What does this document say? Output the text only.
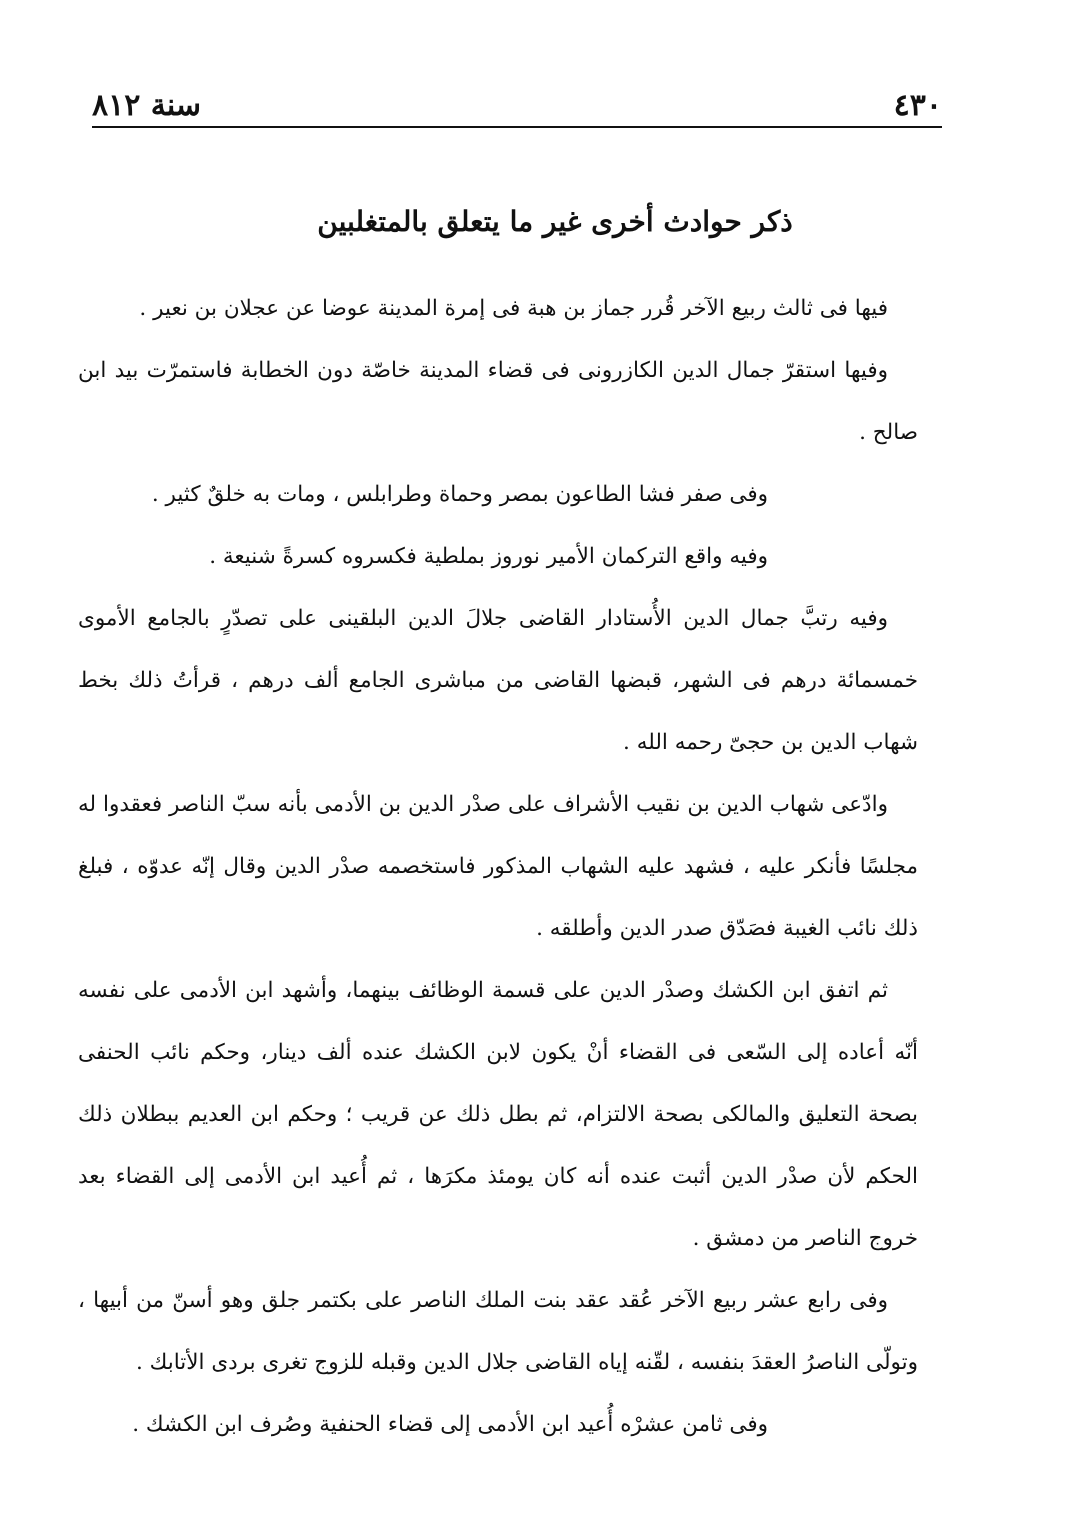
٤٣٠
سنة ٨١٢
ذكر حوادث أخرى غير ما يتعلق بالمتغلبين

فيها فى ثالث ربيع الآخر قُرر جماز بن هبة فى إمرة المدينة عوضا عن عجلان بن نعير .

وفيها استقرّ جمال الدين الكازرونى فى قضاء المدينة خاصّة دون الخطابة فاستمرّت بيد ابن صالح .

وفى صفر فشا الطاعون بمصر وحماة وطرابلس ، ومات به خلقٌ كثير .

وفيه واقع التركمان الأمير نوروز بملطية فكسروه كسرةً شنيعة .

وفيه رتبَّ جمال الدين الأُستادار القاضى جلالَ الدين البلقينى على تصدّرٍ بالجامع الأموى خمسمائة درهم فى الشهر، قبضها القاضى من مباشرى الجامع ألف درهم ، قرأتُ ذلك بخط شهاب الدين بن حجىّ رحمه الله .

وادّعى شهاب الدين بن نقيب الأشراف على صدْر الدين بن الأدمى بأنه سبّ الناصر فعقدوا له مجلسًا فأنكر عليه ، فشهد عليه الشهاب المذكور فاستخصمه صدْر الدين وقال إنّه عدوّه ، فبلغ ذلك نائب الغيبة فصَدّق صدر الدين وأطلقه .

ثم اتفق ابن الكشك وصدْر الدين على قسمة الوظائف بينهما، وأشهد ابن الأدمى على نفسه أنّه أعاده إلى السّعى فى القضاء أنْ يكون لابن الكشك عنده ألف دينار، وحكم نائب الحنفى بصحة التعليق والمالكى بصحة الالتزام، ثم بطل ذلك عن قريب ؛ وحكم ابن العديم ببطلان ذلك الحكم لأن صدْر الدين أثبت عنده أنه كان يومئذ مكرَها ، ثم أُعيد ابن الأدمى إلى القضاء بعد خروج الناصر من دمشق .

وفى رابع عشر ربيع الآخر عُقد عقد بنت الملك الناصر على بكتمر جلق وهو أسنّ من أبيها ، وتولّى الناصرُ العقدَ بنفسه ، لقّنه إياه القاضى جلال الدين وقبله للزوج تغرى بردى الأتابك .

وفى ثامن عشرْه أُعيد ابن الأدمى إلى قضاء الحنفية وصُرف ابن الكشك .
